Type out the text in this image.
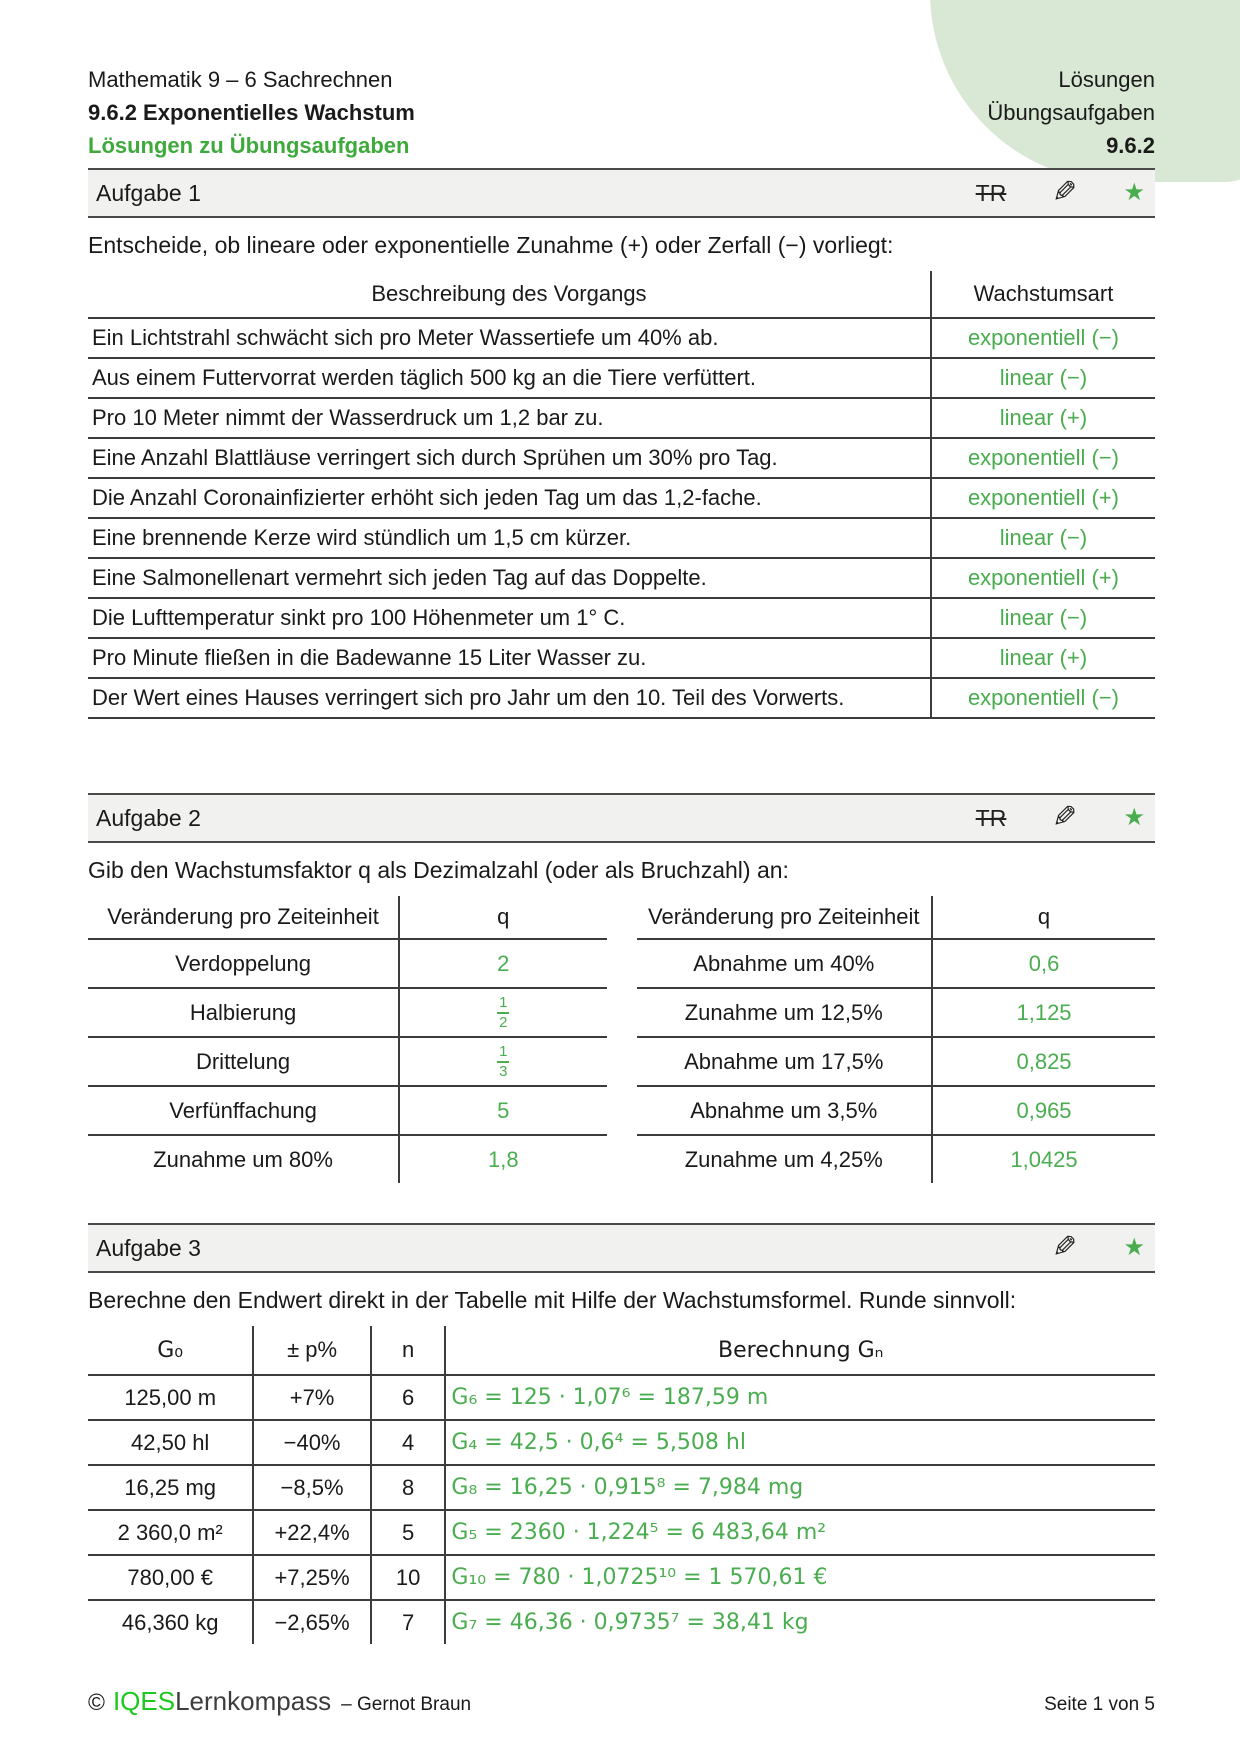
Mathematik 9 – 6 Sachrechnen
9.6.2 Exponentielles Wachstum
Lösungen zu Übungsaufgaben
Lösungen
Übungsaufgaben
9.6.2
Aufgabe 1	TR ✎ ★
Entscheide, ob lineare oder exponentielle Zunahme (+) oder Zerfall (−) vorliegt:
Beschreibung des Vorgangs	Wachstumsart
Ein Lichtstrahl schwächt sich pro Meter Wassertiefe um 40% ab.	exponentiell (−)
Aus einem Futtervorrat werden täglich 500 kg an die Tiere verfüttert.	linear (−)
Pro 10 Meter nimmt der Wasserdruck um 1,2 bar zu.	linear (+)
Eine Anzahl Blattläuse verringert sich durch Sprühen um 30% pro Tag.	exponentiell (−)
Die Anzahl Coronainfizierter erhöht sich jeden Tag um das 1,2-fache.	exponentiell (+)
Eine brennende Kerze wird stündlich um 1,5 cm kürzer.	linear (−)
Eine Salmonellenart vermehrt sich jeden Tag auf das Doppelte.	exponentiell (+)
Die Lufttemperatur sinkt pro 100 Höhenmeter um 1° C.	linear (−)
Pro Minute fließen in die Badewanne 15 Liter Wasser zu.	linear (+)
Der Wert eines Hauses verringert sich pro Jahr um den 10. Teil des Vorwerts.	exponentiell (−)
Aufgabe 2	TR ✎ ★
Gib den Wachstumsfaktor q als Dezimalzahl (oder als Bruchzahl) an:
Veränderung pro Zeiteinheit	q
Verdoppelung	2
Halbierung	$\frac{1}{2}$

Drittelung	$\frac{1}{3}$

Verfünffachung	5
Zunahme um 80%	1,8
Veränderung pro Zeiteinheit	q
Abnahme um 40%	0,6
Zunahme um 12,5%	1,125
Abnahme um 17,5%	0,825
Abnahme um 3,5%	0,965
Zunahme um 4,25%	1,0425
Aufgabe 3	✎ ★
Berechne den Endwert direkt in der Tabelle mit Hilfe der Wachstumsformel. Runde sinnvoll:
G₀	± p%	n	Berechnung Gₙ
125,00 m	+7%	6	G₆ = 125 · 1,07⁶ = 187,59 m
42,50 hl	−40%	4	G₄ = 42,5 · 0,6⁴ = 5,508 hl
16,25 mg	−8,5%	8	G₈ = 16,25 · 0,915⁸ = 7,984 mg
2 360,0 m²	+22,4%	5	G₅ = 2360 · 1,224⁵ = 6 483,64 m²
780,00 €	+7,25%	10	G₁₀ = 780 · 1,0725¹⁰ = 1 570,61 €
46,360 kg	−2,65%	7	G₇ = 46,36 · 0,9735⁷ = 38,41 kg
© IQES Lernkompass – Gernot Braun	Seite 1 von 5
